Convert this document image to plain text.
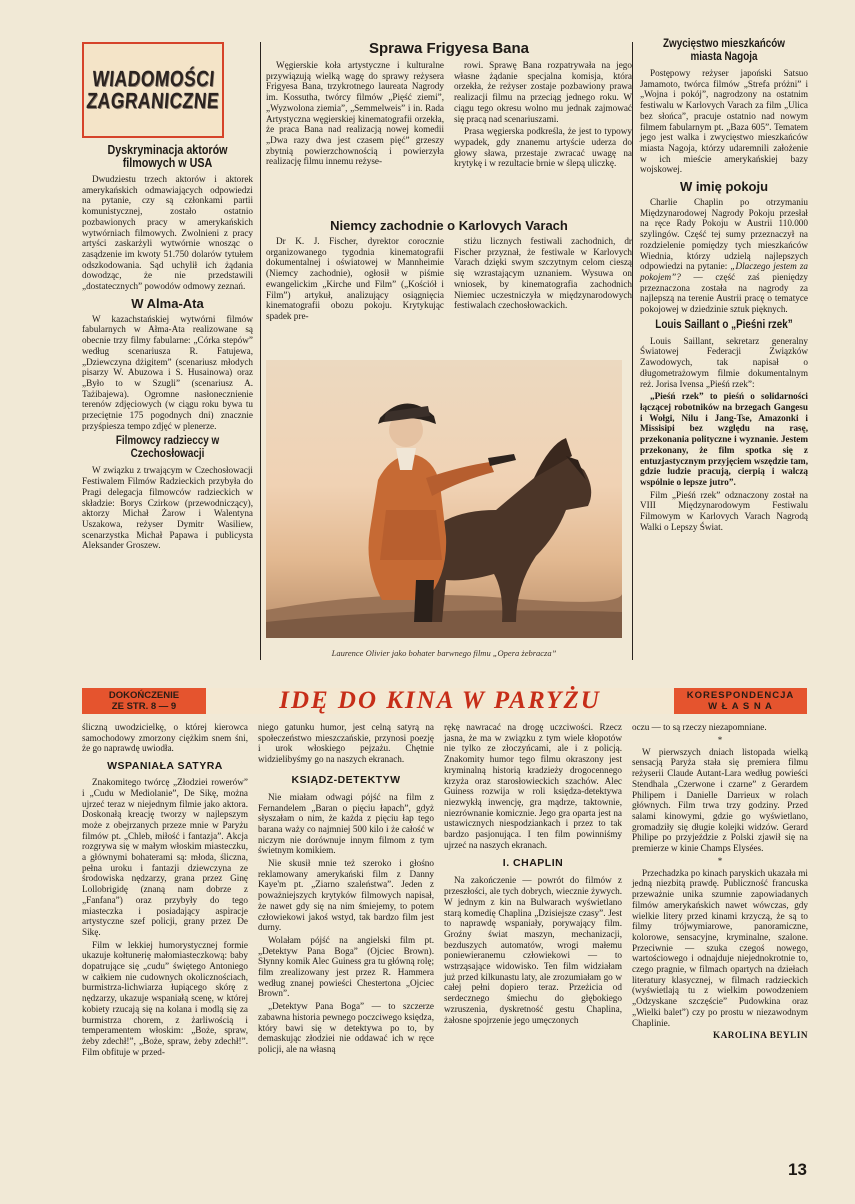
WIADOMOŚCI
ZAGRANICZNE
Dyskryminacja aktorów filmowych w USA

Dwudziestu trzech aktorów i aktorek amerykańskich odmawiających odpowiedzi na pytanie, czy są członkami partii komunistycznej, zostało ostatnio pozbawionych pracy w amerykańskich wytwórniach filmowych. Zwolnieni z pracy artyści zaskarżyli wytwórnie wnosząc o zasądzenie im kwoty 51.750 dolarów tytułem odszkodowania. Sąd uchylił ich żądania dowodząc, że nie przedstawili „dostatecznych” powodów odmowy zeznań.

W Alma-Ata

W kazachstańskiej wytwórni filmów fabularnych w Ałma-Ata realizowane są obecnie trzy filmy fabularne: „Córka stepów” według scenariusza R. Fatujewa, „Dziewczyna dżigitem” (scenariusz młodych pisarzy W. Abuzowa i S. Husainowa) oraz „Było to w Szugli” (scenariusz A. Tażibajewa). Ogromne nasłonecznienie terenów zdjęciowych (w ciągu roku bywa tu przeciętnie 175 pogodnych dni) znacznie przyśpiesza tempo zdjęć w plenerze.

Filmowcy radzieccy w Czechosłowacji

W związku z trwającym w Czechosłowacji Festiwalem Filmów Radzieckich przybyła do Pragi delegacja filmowców radzieckich w składzie: Borys Czirkow (przewodniczący), aktorzy Michał Żarow i Walentyna Uszakowa, reżyser Dymitr Wasiliew, scenarzystka Michał Papawa i publicysta Aleksander Groszew.

Sprawa Frigyesa Bana

Węgierskie koła artystyczne i kulturalne przywiązują wielką wagę do sprawy reżysera Frigyesa Bana, trzykrotnego laureata Nagrody im. Kossutha, twórcy filmów „Pięść ziemi”, „Wyzwolona ziemia”, „Semmelweis” i in. Rada Artystyczna węgierskiej kinematografii orzekła, że praca Bana nad realizacją nowej komedii „Dwa razy dwa jest czasem pięć” grzeszy zbytnią powierzchownością i powierzyła realizację filmu innemu reżyse-

rowi. Sprawę Bana rozpatrywała na jego własne żądanie specjalna komisja, która orzekła, że reżyser zostaje pozbawiony prawa realizacji filmu na przeciąg jednego roku. W ciągu tego okresu wolno mu jednak zajmować się pracą nad scenariuszami.

Prasa węgierska podkreśla, że jest to typowy wypadek, gdy znanemu artyście uderza do głowy sława, przestaje zwracać uwagę na krytykę i w rezultacie brnie w ślepą uliczkę.

Niemcy zachodnie o Karlovych Varach

Dr K. J. Fischer, dyrektor corocznie organizowanego tygodnia kinematografii dokumentalnej i oświatowej w Mannheimie (Niemcy zachodnie), ogłosił w piśmie ewangelickim „Kirche und Film” („Kościół i Film”) artykuł, analizujący osiągnięcia kinematografii obozu pokoju. Krytykując spadek pre-

stiżu licznych festiwali zachodnich, dr Fischer przyznał, że festiwale w Karlovych Varach dzięki swym szczytnym celom cieszą się wzrastającym uznaniem. Wysuwa on wniosek, by kinematografia zachodnich Niemiec uczestniczyła w międzynarodowych festiwalach czechosłowackich.

Laurence Olivier jako bohater barwnego filmu „Opera żebracza”
Zwycięstwo mieszkańców miasta Nagoja

Postępowy reżyser japoński Satsuo Jamamoto, twórca filmów „Strefa próżni” i „Wojna i pokój”, nagrodzony na ostatnim festiwalu w Karlovych Varach za film „Ulica bez słońca”, pracuje ostatnio nad nowym filmem fabularnym pt. „Baza 605”. Tematem jego jest walka i zwycięstwo mieszkańców miasta Nagoja, którzy udaremnili założenie w ich mieście amerykańskiej bazy wojskowej.

W imię pokoju

Charlie Chaplin po otrzymaniu Międzynarodowej Nagrody Pokoju przesłał na ręce Rady Pokoju w Austrii 110.000 szylingów. Część tej sumy przeznaczył na rozdzielenie pomiędzy tych mieszkańców Wiednia, którzy udzielą najlepszych odpowiedzi na pytanie: „Dlaczego jestem za pokojem”? — część zaś pieniędzy przeznaczona została na nagrody za najlepszą na terenie Austrii pracę o tematyce pokojowej w dziedzinie sztuk pięknych.

Louis Saillant o „Pieśni rzek”

Louis Saillant, sekretarz generalny Światowej Federacji Związków Zawodowych, tak napisał o długometrażowym filmie dokumentalnym reż. Jorisa Ivensa „Pieśń rzek”:

„Pieśń rzek” to pieśń o solidarności łączącej robotników na brzegach Gangesu i Wołgi, Nilu i Jang-Tse, Amazonki i Missisipi bez względu na rasę, przekonania polityczne i wyznanie. Jestem przekonany, że film spotka się z entuzjastycznym przyjęciem wszędzie tam, gdzie ludzie pracują, cierpią i walczą wspólnie o lepsze jutro”.

Film „Pieśń rzek” odznaczony został na VIII Międzynarodowym Festiwalu Filmowym w Karlovych Varach Nagrodą Walki o Lepszy Świat.

DOKOŃCZENIE
ZE STR. 8 — 9	IDĘ DO KINA W PARYŻU	KORESPONDENCJA
W Ł A S N A

śliczną uwodzicielkę, o której kierowca samochodowy zmorzony ciężkim snem śni, że go naprawdę uwiodła.

WSPANIAŁA SATYRA

Znakomitego twórcę „Złodziei rowerów” i „Cudu w Mediolanie”, De Sikę, można ujrzeć teraz w niejednym filmie jako aktora. Doskonałą kreację tworzy w najlepszym może z obejrzanych przeze mnie w Paryżu filmów pt. „Chleb, miłość i fantazja”. Akcja rozgrywa się w małym włoskim miasteczku, a głównymi bohaterami są: młoda, śliczna, pełna uroku i fantazji dziewczyna ze środowiska nędzarzy, grana przez Ginę Lollobrigidę (znaną nam dobrze z „Fanfana”) oraz przybyły do tego miasteczka i posiadający aspiracje artystyczne szef policji, grany przez De Sikę.

Film w lekkiej humorystycznej formie ukazuje kołtunerię małomiasteczkową: baby dopatrujące się „cudu” świętego Antoniego w całkiem nie cudownych okolicznościach, burmistrza-lichwiarza łupiącego skórę z nędzarzy, ukazuje wspaniałą scenę, w której kobiety rzucają się na kolana i modlą się za burmistrza chorem, z żarliwością i temperamentem włoskim: „Boże, spraw, żeby zdechł!”, „Boże, spraw, żeby zdechł!”. Film obfituje w przed-

niego gatunku humor, jest celną satyrą na społeczeństwo mieszczańskie, przynosi poezję i urok włoskiego pejzażu. Chętnie widzielibyśmy go na naszych ekranach.

KSIĄDZ-DETEKTYW

Nie miałam odwagi pójść na film z Fernandelem „Baran o pięciu łapach”, gdyż słyszałam o nim, że każda z pięciu łap tego barana waży co najmniej 500 kilo i że całość w niczym nie dorównuje innym filmom z tym świetnym komikiem.

Nie skusił mnie też szeroko i głośno reklamowany amerykański film z Danny Kaye'm pt. „Ziarno szaleństwa”. Jeden z poważniejszych krytyków filmowych napisał, że nawet gdy się na nim śmiejemy, to potem człowiekowi jakoś wstyd, tak bardzo film jest durny.

Wolałam pójść na angielski film pt. „Detektyw Pana Boga” (Ojciec Brown). Słynny komik Alec Guiness gra tu główną rolę; film zrealizowany jest przez R. Hammera według znanej powieści Chestertona „Ojciec Brown”.

„Detektyw Pana Boga” — to szczerze zabawna historia pewnego poczciwego księdza, który bawi się w detektywa po to, by demaskując złodziei nie oddawać ich w ręce policji, ale na własną

rękę nawracać na drogę uczciwości. Rzecz jasna, że ma w związku z tym wiele kłopotów nie tylko ze złoczyńcami, ale i z policją. Znakomity humor tego filmu okraszony jest kryminalną historią kradzieży drogocennego krzyża oraz starosłowieckich szachów. Alec Guiness rozwija w roli księdza-detektywa niezwykłą inwencję, gra mądrze, taktownie, niezrównanie komicznie. Jego gra oparta jest na ustawicznych niespodziankach i przez to tak bardzo pasjonująca. I ten film powinniśmy ujrzeć na naszych ekranach.

I. CHAPLIN

Na zakończenie — powrót do filmów z przeszłości, ale tych dobrych, wiecznie żywych. W jednym z kin na Bulwarach wyświetlano starą komedię Chaplina „Dzisiejsze czasy”. Jest to naprawdę wspaniały, porywający film. Groźny świat maszyn, mechanizacji, bezduszych automatów, wrogi małemu poniewieranemu człowiekowi — to wstrząsające widowisko. Ten film widziałam już przed kilkunastu laty, ale zrozumiałam go w całej pełni dopiero teraz. Przeżicia od serdecznego śmiechu do głębokiego wzruszenia, dyskretność gestu Chaplina, żałosne spojrzenie jego umęczonych

oczu — to są rzeczy niezapomniane.

*

W pierwszych dniach listopada wielką sensacją Paryża stała się premiera filmu reżyserii Claude Autant-Lara według powieści Stendhala „Czerwone i czarne” z Gerardem Philipem i Danielle Darrieux w rolach głównych. Film trwa trzy godziny. Przed salami kinowymi, gdzie go wyświetlano, gromadziły się długie kolejki widzów. Gerard Philipe po przyjeździe z Polski zjawił się na premierze w kinie Champs Elysées.

*

Przechadzka po kinach paryskich ukazała mi jedną niezbitą prawdę. Publiczność francuska przeważnie unika szumnie zapowiadanych filmów amerykańskich nawet wówczas, gdy wielkie litery przed kinami krzyczą, że są to filmy trójwymiarowe, panoramiczne, kolorowe, sensacyjne, kryminalne, szalone. Przeciwnie — szuka czegoś nowego, wartościowego i odnajduje niejednokrotnie to, czego pragnie, w filmach opartych na dziełach literatury klasycznej, w filmach radzieckich (wyświetlają tu z wielkim powodzeniem „Odzyskane szczęście” Pudowkina oraz „Wielki balet”) czy po prostu w niezawodnym Chaplinie.

KAROLINA BEYLIN
13
